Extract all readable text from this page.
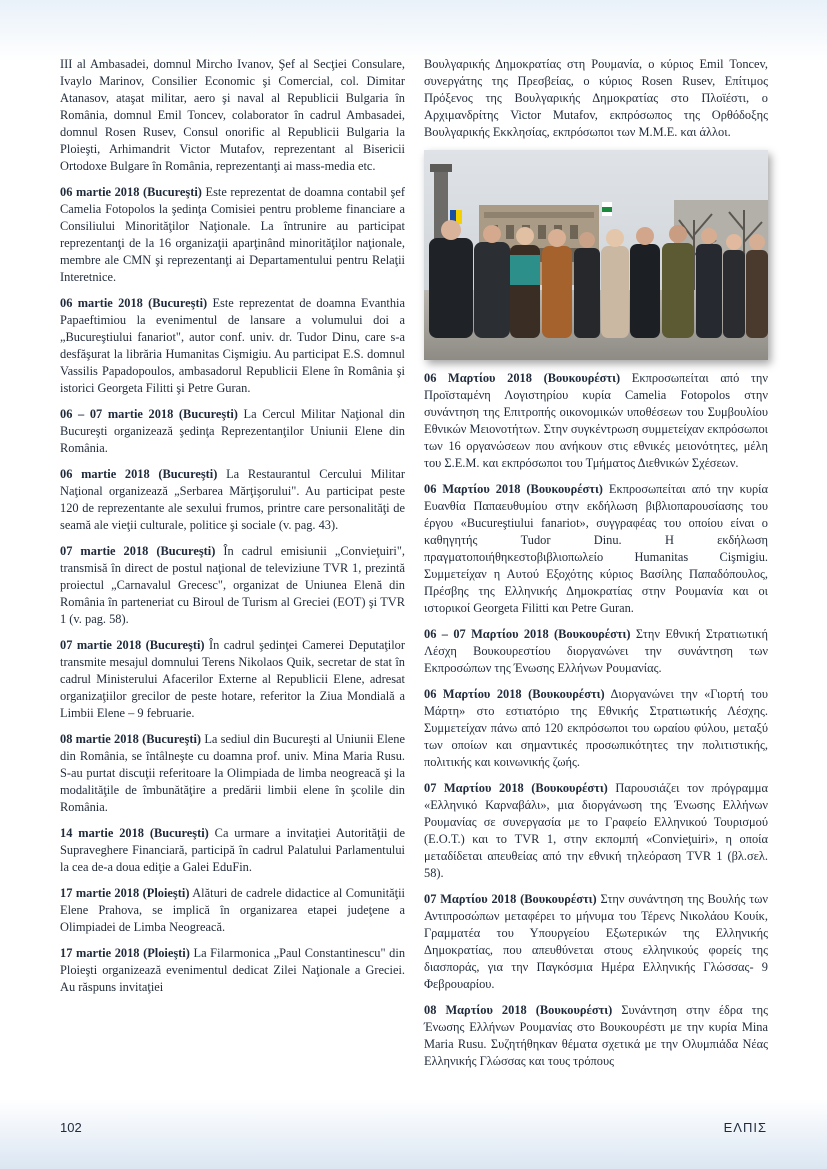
III al Ambasadei, domnul Mircho Ivanov, Şef al Secţiei Consulare, Ivaylo Marinov, Consilier Economic şi Comercial, col. Dimitar Atanasov, ataşat militar, aero şi naval al Republicii Bulgaria în România, domnul Emil Toncev, colaborator în cadrul Ambasadei, domnul Rosen Rusev, Consul onorific al Republicii Bulgaria la Ploieşti, Arhimandrit Victor Mutafov, reprezentant al Bisericii Ortodoxe Bulgare în România, reprezentanţi ai mass-media etc.

06 martie 2018 (Bucureşti) Este reprezentat de doamna contabil şef Camelia Fotopolos la şedinţa Comisiei pentru probleme financiare a Consiliului Minorităţilor Naţionale. La întrunire au participat reprezentanţi de la 16 organizaţii aparţinând minorităţilor naţionale, membre ale CMN şi reprezentanţi ai Departamentului pentru Relaţii Interetnice.

06 martie 2018 (Bucureşti) Este reprezentat de doamna Evanthia Papaeftimiou la evenimentul de lansare a volumului doi a „Bucureştiului fanariot", autor conf. univ. dr. Tudor Dinu, care s-a desfăşurat la librăria Humanitas Cişmigiu. Au participat E.S. domnul Vassilis Papadopoulos, ambasadorul Republicii Elene în România şi istorici Georgeta Filitti şi Petre Guran.

06 – 07 martie 2018 (Bucureşti) La Cercul Militar Naţional din Bucureşti organizează şedinţa Reprezentanţilor Uniunii Elene din România.

06 martie 2018 (Bucureşti) La Restaurantul Cercului Militar Naţional organizează „Serbarea Mărţişorului". Au participat peste 120 de reprezentante ale sexului frumos, printre care personalităţi de seamă ale vieţii culturale, politice şi sociale (v. pag. 43).

07 martie 2018 (Bucureşti) În cadrul emisiunii „Convieţuiri", transmisă în direct de postul naţional de televiziune TVR 1, prezintă proiectul „Carnavalul Grecesc", organizat de Uniunea Elenă din România în parteneriat cu Biroul de Turism al Greciei (EOT) şi TVR 1 (v. pag. 58).

07 martie 2018 (Bucureşti) În cadrul şedinţei Camerei Deputaţilor transmite mesajul domnului Terens Nikolaos Quik, secretar de stat în cadrul Ministerului Afacerilor Externe al Republicii Elene, adresat organizaţiilor grecilor de peste hotare, referitor la Ziua Mondială a Limbii Elene – 9 februarie.

08 martie 2018 (Bucureşti) La sediul din Bucureşti al Uniunii Elene din România, se întâlneşte cu doamna prof. univ. Mina Maria Rusu. S-au purtat discuţii referitoare la Olimpiada de limba neogreacă şi la modalităţile de îmbunătăţire a predării limbii elene în şcolile din România.

14 martie 2018 (Bucureşti) Ca urmare a invitaţiei Autorităţii de Supraveghere Financiară, participă în cadrul Palatului Parlamentului la cea de-a doua ediţie a Galei EduFin.

17 martie 2018 (Ploieşti) Alături de cadrele didactice al Comunităţii Elene Prahova, se implică în organizarea etapei judeţene a Olimpiadei de Limba Neogreacă.

17 martie 2018 (Ploieşti) La Filarmonica „Paul Constantinescu" din Ploieşti organizează evenimentul dedicat Zilei Naţionale a Greciei. Au răspuns invitaţiei

Βουλγαρικής Δημοκρατίας στη Ρουμανία, ο κύριος Emil Toncev, συνεργάτης της Πρεσβείας, ο κύριος Rosen Rusev, Επίτιμος Πρόξενος της Βουλγαρικής Δημοκρατίας στο Πλοϊέστι, ο Αρχιμανδρίτης Victor Mutafov, εκπρόσωπος της Ορθόδοξης Βουλγαρικής Εκκλησίας, εκπρόσωποι των Μ.Μ.Ε. και άλλοι.

06 Μαρτίου 2018 (Βουκουρέστι) Εκπροσωπείται από την Προϊσταμένη Λογιστηρίου κυρία Camelia Fotopolos στην συνάντηση της Επιτροπής οικονομικών υποθέσεων του Συμβουλίου Εθνικών Μειονοτήτων. Στην συγκέντρωση συμμετείχαν εκπρόσωποι των 16 οργανώσεων που ανήκουν στις εθνικές μειονότητες, μέλη του Σ.Ε.Μ. και εκπρόσωποι του Τμήματος Διεθνικών Σχέσεων.

06 Μαρτίου 2018 (Βουκουρέστι) Εκπροσωπείται από την κυρία Ευανθία Παπαευθυμίου στην εκδήλωση βιβλιοπαρουσίασης του έργου «Bucureştiului fanariot», συγγραφέας του οποίου είναι ο καθηγητής Tudor Dinu. Η εκδήλωση πραγματοποιήθηκεστοβιβλιοπωλείο Humanitas Cişmigiu. Συμμετείχαν η Αυτού Εξοχότης κύριος Βασίλης Παπαδόπουλος, Πρέσβης της Ελληνικής Δημοκρατίας στην Ρουμανία και οι ιστορικοί Georgeta Filitti και Petre Guran.

06 – 07 Μαρτίου 2018 (Βουκουρέστι) Στην Εθνική Στρατιωτική Λέσχη Βουκουρεστίου διοργανώνει την συνάντηση των Εκπροσώπων της Ένωσης Ελλήνων Ρουμανίας.

06 Μαρτίου 2018 (Βουκουρέστι) Διοργανώνει την «Γιορτή του Μάρτη» στο εστιατόριο της Εθνικής Στρατιωτικής Λέσχης. Συμμετείχαν πάνω από 120 εκπρόσωποι του ωραίου φύλου, μεταξύ των οποίων και σημαντικές προσωπικότητες την πολιτιστικής, πολιτικής και κοινωνικής ζωής.

07 Μαρτίου 2018 (Βουκουρέστι) Παρουσιάζει τον πρόγραμμα «Ελληνικό Καρναβάλι», μια διοργάνωση της Ένωσης Ελλήνων Ρουμανίας σε συνεργασία με το Γραφείο Ελληνικού Τουρισμού (Ε.Ο.Τ.) και το TVR 1, στην εκπομπή «Convieţuiri», η οποία μεταδίδεται απευθείας από την εθνική τηλεόραση TVR 1 (βλ.σελ. 58).

07 Μαρτίου 2018 (Βουκουρέστι) Στην συνάντηση της Βουλής των Αντιπροσώπων μεταφέρει το μήνυμα του Τέρενς Νικολάου Κουίκ, Γραμματέα του Υπουργείου Εξωτερικών της Ελληνικής Δημοκρατίας, που απευθύνεται στους ελληνικούς φορείς της διασποράς, για την Παγκόσμια Ημέρα Ελληνικής Γλώσσας- 9 Φεβρουαρίου.

08 Μαρτίου 2018 (Βουκουρέστι) Συνάντηση στην έδρα της Ένωσης Ελλήνων Ρουμανίας στο Βουκουρέστι με την κυρία Mina Maria Rusu. Συζητήθηκαν θέματα σχετικά με την Ολυμπιάδα Νέας Ελληνικής Γλώσσας και τους τρόπους

102	ΕΛΠΙΣ
